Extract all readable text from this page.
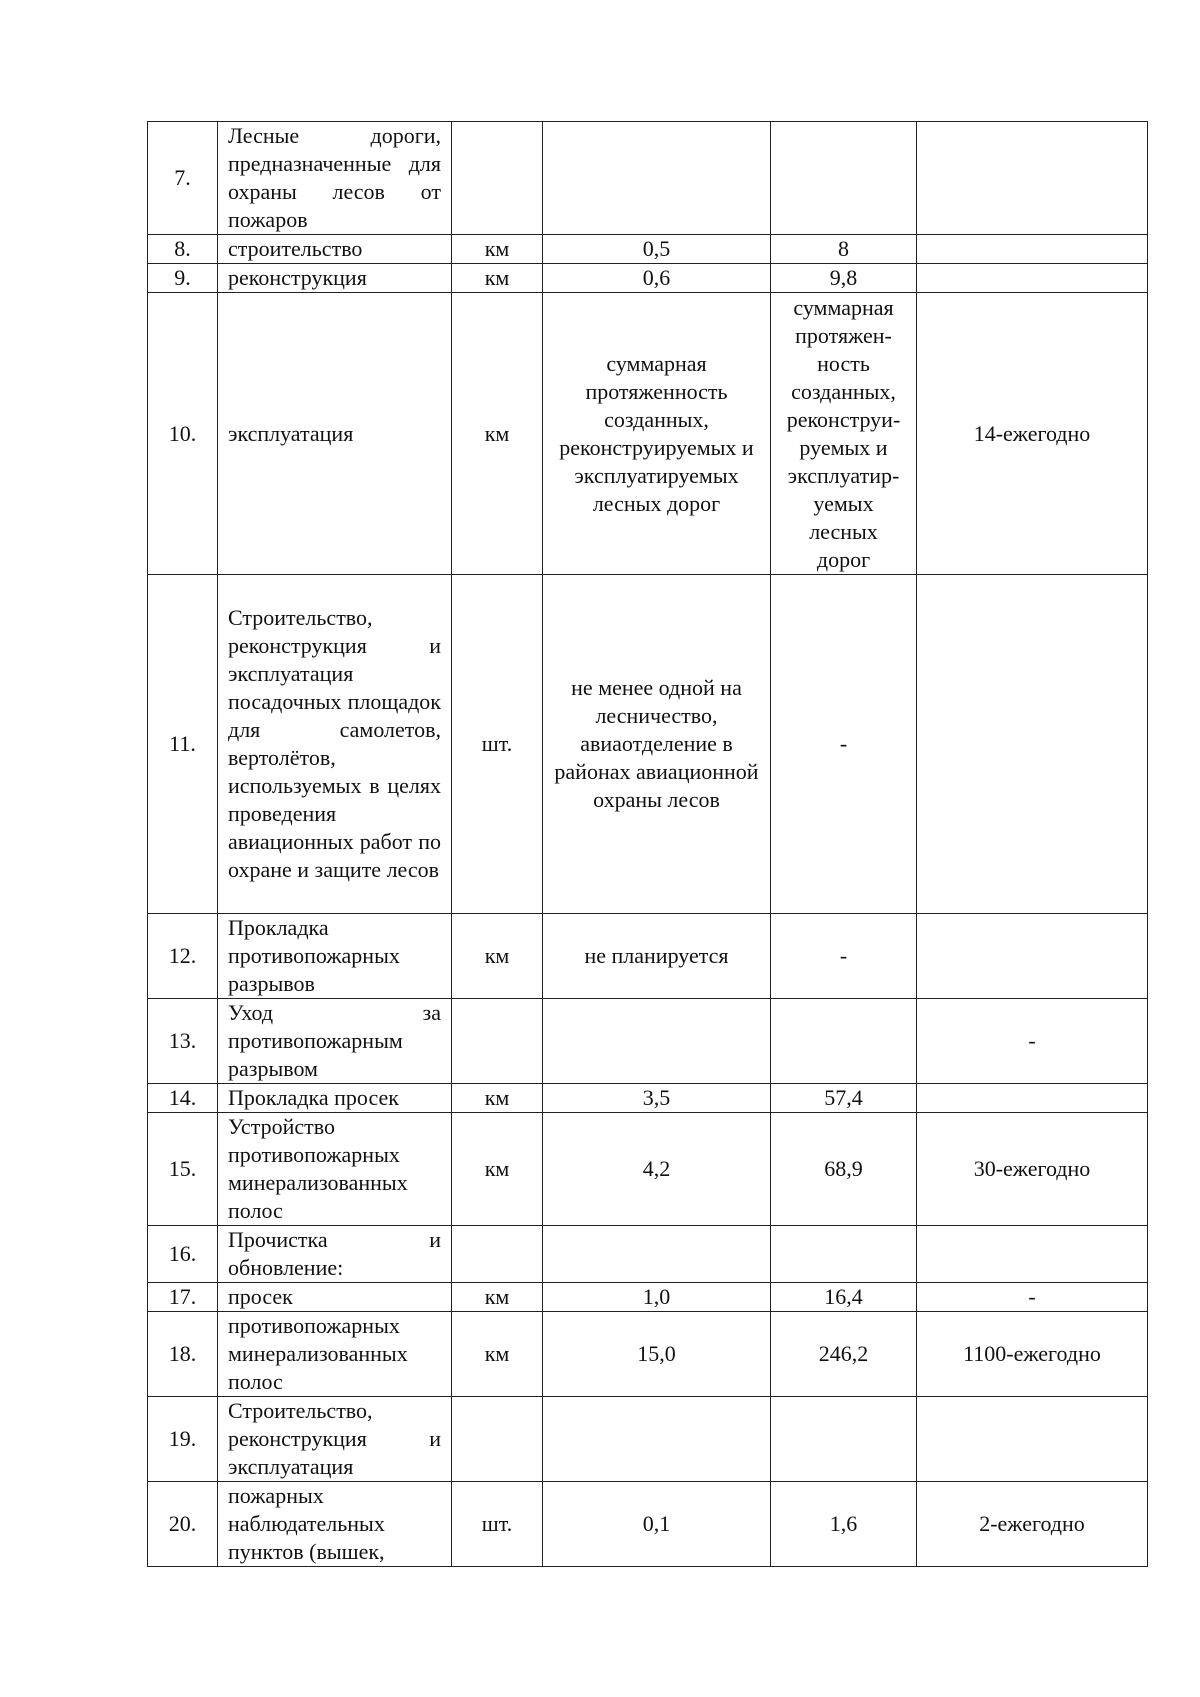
7.	Лесные дороги, предназначенные для охраны лесов от пожаров				
8.	строительство	км	0,5	8	
9.	реконструкция	км	0,6	9,8	
10.	эксплуатация	км	суммарная протяженность созданных, реконструируемых и эксплуатируемых лесных дорог	суммарная протяженность созданных, реконструируемых и эксплуатируемых лесных дорог	14-ежегодно
11.	Строительство, реконструкция и эксплуатация посадочных площадок для самолетов, вертолётов, используемых в целях проведения авиационных работ по охране и защите лесов	шт.	не менее одной на лесничество, авиаотделение в районах авиационной охраны лесов	-	
12.	Прокладка противопожарных разрывов	км	не планируется	-	
13.	Уход за противопожарным разрывом				-
14.	Прокладка просек	км	3,5	57,4	
15.	Устройство противопожарных минерализованных полос	км	4,2	68,9	30-ежегодно
16.	Прочистка и обновление:				
17.	просек	км	1,0	16,4	-
18.	противопожарных минерализованных полос	км	15,0	246,2	1100-ежегодно
19.	Строительство, реконструкция и эксплуатация				
20.	пожарных наблюдательных пунктов (вышек,	шт.	0,1	1,6	2-ежегодно
